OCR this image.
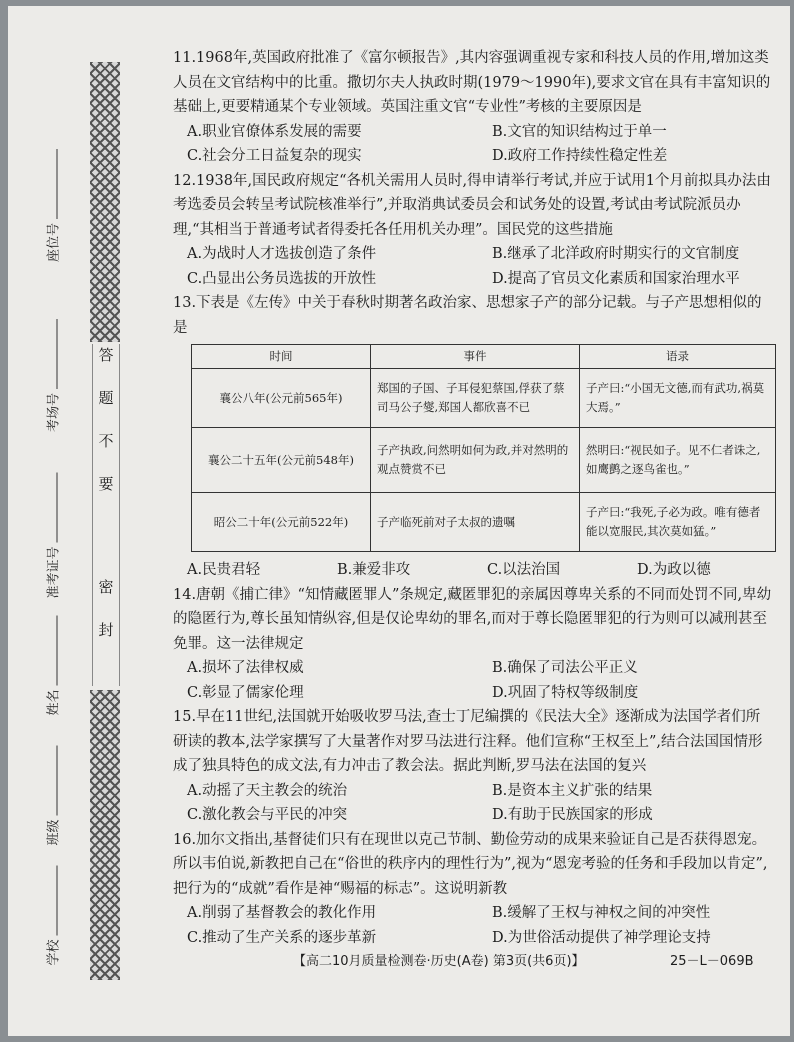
答
题
不
要
密
封
座位号
考场号
准考证号
姓名
班级
学校

11.1968年,英国政府批准了《富尔顿报告》,其内容强调重视专家和科技人员的作用,增加这类人员在文官结构中的比重。撒切尔夫人执政时期(1979～1990年),要求文官在具有丰富知识的基础上,更要精通某个专业领域。英国注重文官“专业性”考核的主要原因是

A.职业官僚体系发展的需要	B.文官的知识结构过于单一
C.社会分工日益复杂的现实	D.政府工作持续性稳定性差

12.1938年,国民政府规定“各机关需用人员时,得申请举行考试,并应于试用1个月前拟具办法由考选委员会转呈考试院核准举行”,并取消典试委员会和试务处的设置,考试由考试院派员办理,“其相当于普通考试者得委托各任用机关办理”。国民党的这些措施

A.为战时人才选拔创造了条件	B.继承了北洋政府时期实行的文官制度
C.凸显出公务员选拔的开放性	D.提高了官员文化素质和国家治理水平

13.下表是《左传》中关于春秋时期著名政治家、思想家子产的部分记载。与子产思想相似的是

时间	事件	语录
襄公八年(公元前565年)	郑国的子国、子耳侵犯蔡国,俘获了蔡司马公子燮,郑国人都欣喜不已	子产曰:“小国无文德,而有武功,祸莫大焉。”
襄公二十五年(公元前548年)	子产执政,问然明如何为政,并对然明的观点赞赏不已	然明曰:“视民如子。见不仁者诛之,如鹰鹯之逐鸟雀也。”
昭公二十年(公元前522年)	子产临死前对子太叔的遗嘱	子产曰:“我死,子必为政。唯有德者能以宽服民,其次莫如猛。”
A.民贵君轻	B.兼爱非攻	C.以法治国	D.为政以德

14.唐朝《捕亡律》“知情藏匿罪人”条规定,藏匿罪犯的亲属因尊卑关系的不同而处罚不同,卑幼的隐匿行为,尊长虽知情纵容,但是仅论卑幼的罪名,而对于尊长隐匿罪犯的行为则可以减刑甚至免罪。这一法律规定

A.损坏了法律权威	B.确保了司法公平正义
C.彰显了儒家伦理	D.巩固了特权等级制度

15.早在11世纪,法国就开始吸收罗马法,查士丁尼编撰的《民法大全》逐渐成为法国学者们所研读的教本,法学家撰写了大量著作对罗马法进行注释。他们宣称“王权至上”,结合法国国情形成了独具特色的成文法,有力冲击了教会法。据此判断,罗马法在法国的复兴

A.动摇了天主教会的统治	B.是资本主义扩张的结果
C.激化教会与平民的冲突	D.有助于民族国家的形成

16.加尔文指出,基督徒们只有在现世以克己节制、勤俭劳动的成果来验证自己是否获得恩宠。所以韦伯说,新教把自己在“俗世的秩序内的理性行为”,视为“恩宠考验的任务和手段加以肯定”,把行为的“成就”看作是神“赐福的标志”。这说明新教

A.削弱了基督教会的教化作用	B.缓解了王权与神权之间的冲突性
C.推动了生产关系的逐步革新	D.为世俗活动提供了神学理论支持
【高二10月质量检测卷·历史(A卷) 第3页(共6页)】	25－L－069B
